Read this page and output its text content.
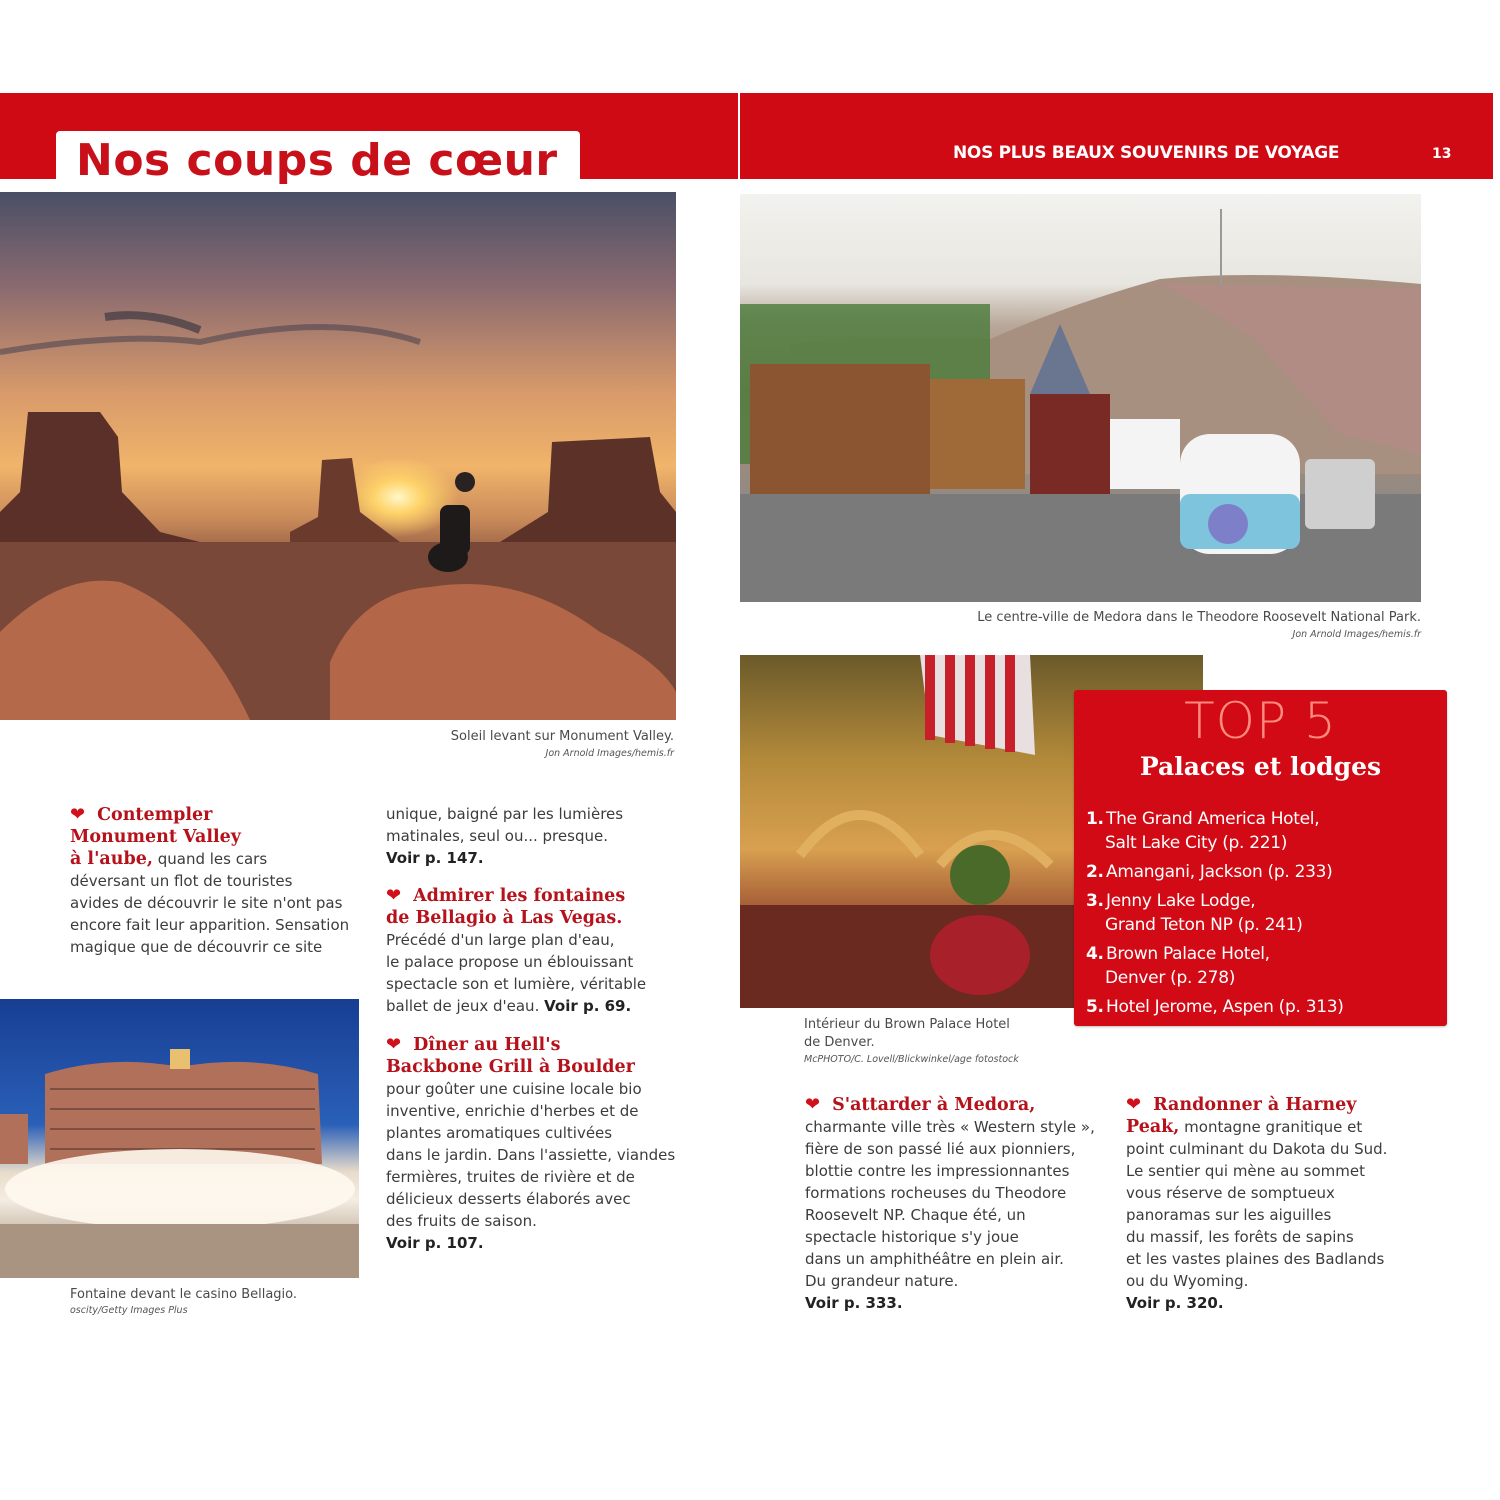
Nos coups de cœur	NOS PLUS BEAUX SOUVENIRS DE VOYAGE	13
Soleil levant sur Monument Valley.
Jon Arnold Images/hemis.fr
Le centre-ville de Medora dans le Theodore Roosevelt National Park.
Jon Arnold Images/hemis.fr
Intérieur du Brown Palace Hotel
de Denver.
McPHOTO/C. Lovell/Blickwinkel/age fotostock
TOP 5
Palaces et lodges
1. The Grand America Hotel,
Salt Lake City (p. 221)
2. Amangani, Jackson (p. 233)
3. Jenny Lake Lodge,
Grand Teton NP (p. 241)
4. Brown Palace Hotel,
Denver (p. 278)
5. Hotel Jerome, Aspen (p. 313)
❤ Contempler
Monument Valley
à l'aube, quand les cars
déversant un flot de touristes
avides de découvrir le site n'ont pas
encore fait leur apparition. Sensation
magique que de découvrir ce site
unique, baigné par les lumières
matinales, seul ou... presque.
Voir p. 147.
❤ Admirer les fontaines
de Bellagio à Las Vegas.
Précédé d'un large plan d'eau,
le palace propose un éblouissant
spectacle son et lumière, véritable
ballet de jeux d'eau. Voir p. 69.
❤ Dîner au Hell's
Backbone Grill à Boulder
pour goûter une cuisine locale bio
inventive, enrichie d'herbes et de
plantes aromatiques cultivées
dans le jardin. Dans l'assiette, viandes
fermières, truites de rivière et de
délicieux desserts élaborés avec
des fruits de saison.
Voir p. 107.
Fontaine devant le casino Bellagio.
oscity/Getty Images Plus
❤ S'attarder à Medora,
charmante ville très « Western style »,
fière de son passé lié aux pionniers,
blottie contre les impressionnantes
formations rocheuses du Theodore
Roosevelt NP. Chaque été, un
spectacle historique s'y joue
dans un amphithéâtre en plein air.
Du grandeur nature.
Voir p. 333.
❤ Randonner à Harney
Peak, montagne granitique et
point culminant du Dakota du Sud.
Le sentier qui mène au sommet
vous réserve de somptueux
panoramas sur les aiguilles
du massif, les forêts de sapins
et les vastes plaines des Badlands
ou du Wyoming.
Voir p. 320.
